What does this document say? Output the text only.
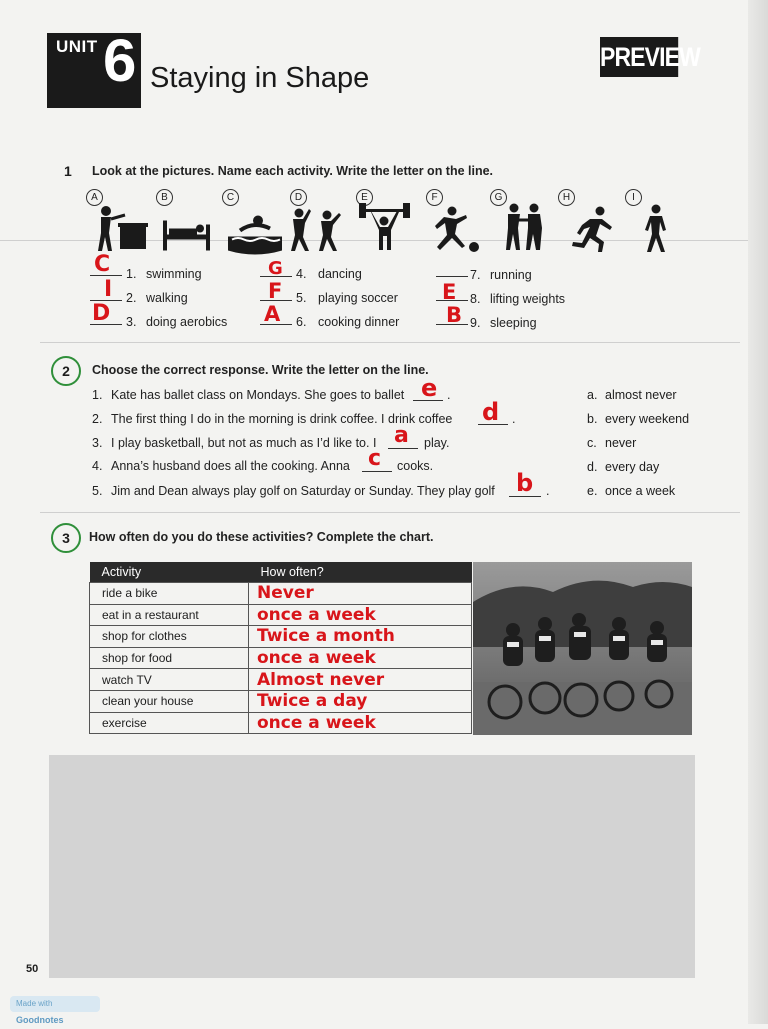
UNIT 6 Staying in Shape
PREVIEW
1 Look at the pictures. Name each activity. Write the letter on the line.
A	B	C	D	E	F	G	H	I
C 1. swimming
I 2. walking
D 3. doing aerobics
G 4. dancing
F 5. playing soccer
A 6. cooking dinner
7. running
E 8. lifting weights
B 9. sleeping
2	Choose the correct response. Write the letter on the line.
1. Kate has ballet class on Mondays. She goes to ballet e .
2. The first thing I do in the morning is drink coffee. I drink coffee d .
3. I play basketball, but not as much as I’d like to. I a play.
4. Anna’s husband does all the cooking. Anna c cooks.
5. Jim and Dean always play golf on Saturday or Sunday. They play golf b .
a. almost never
b. every weekend
c. never
d. every day
e. once a week
3	How often do you do these activities? Complete the chart.
Activity	How often?
ride a bike	Never
eat in a restaurant	once a week
shop for clothes	Twice a month
shop for food	once a week
watch TV	Almost never
clean your house	Twice a day
exercise	once a week
50
Made with Goodnotes
